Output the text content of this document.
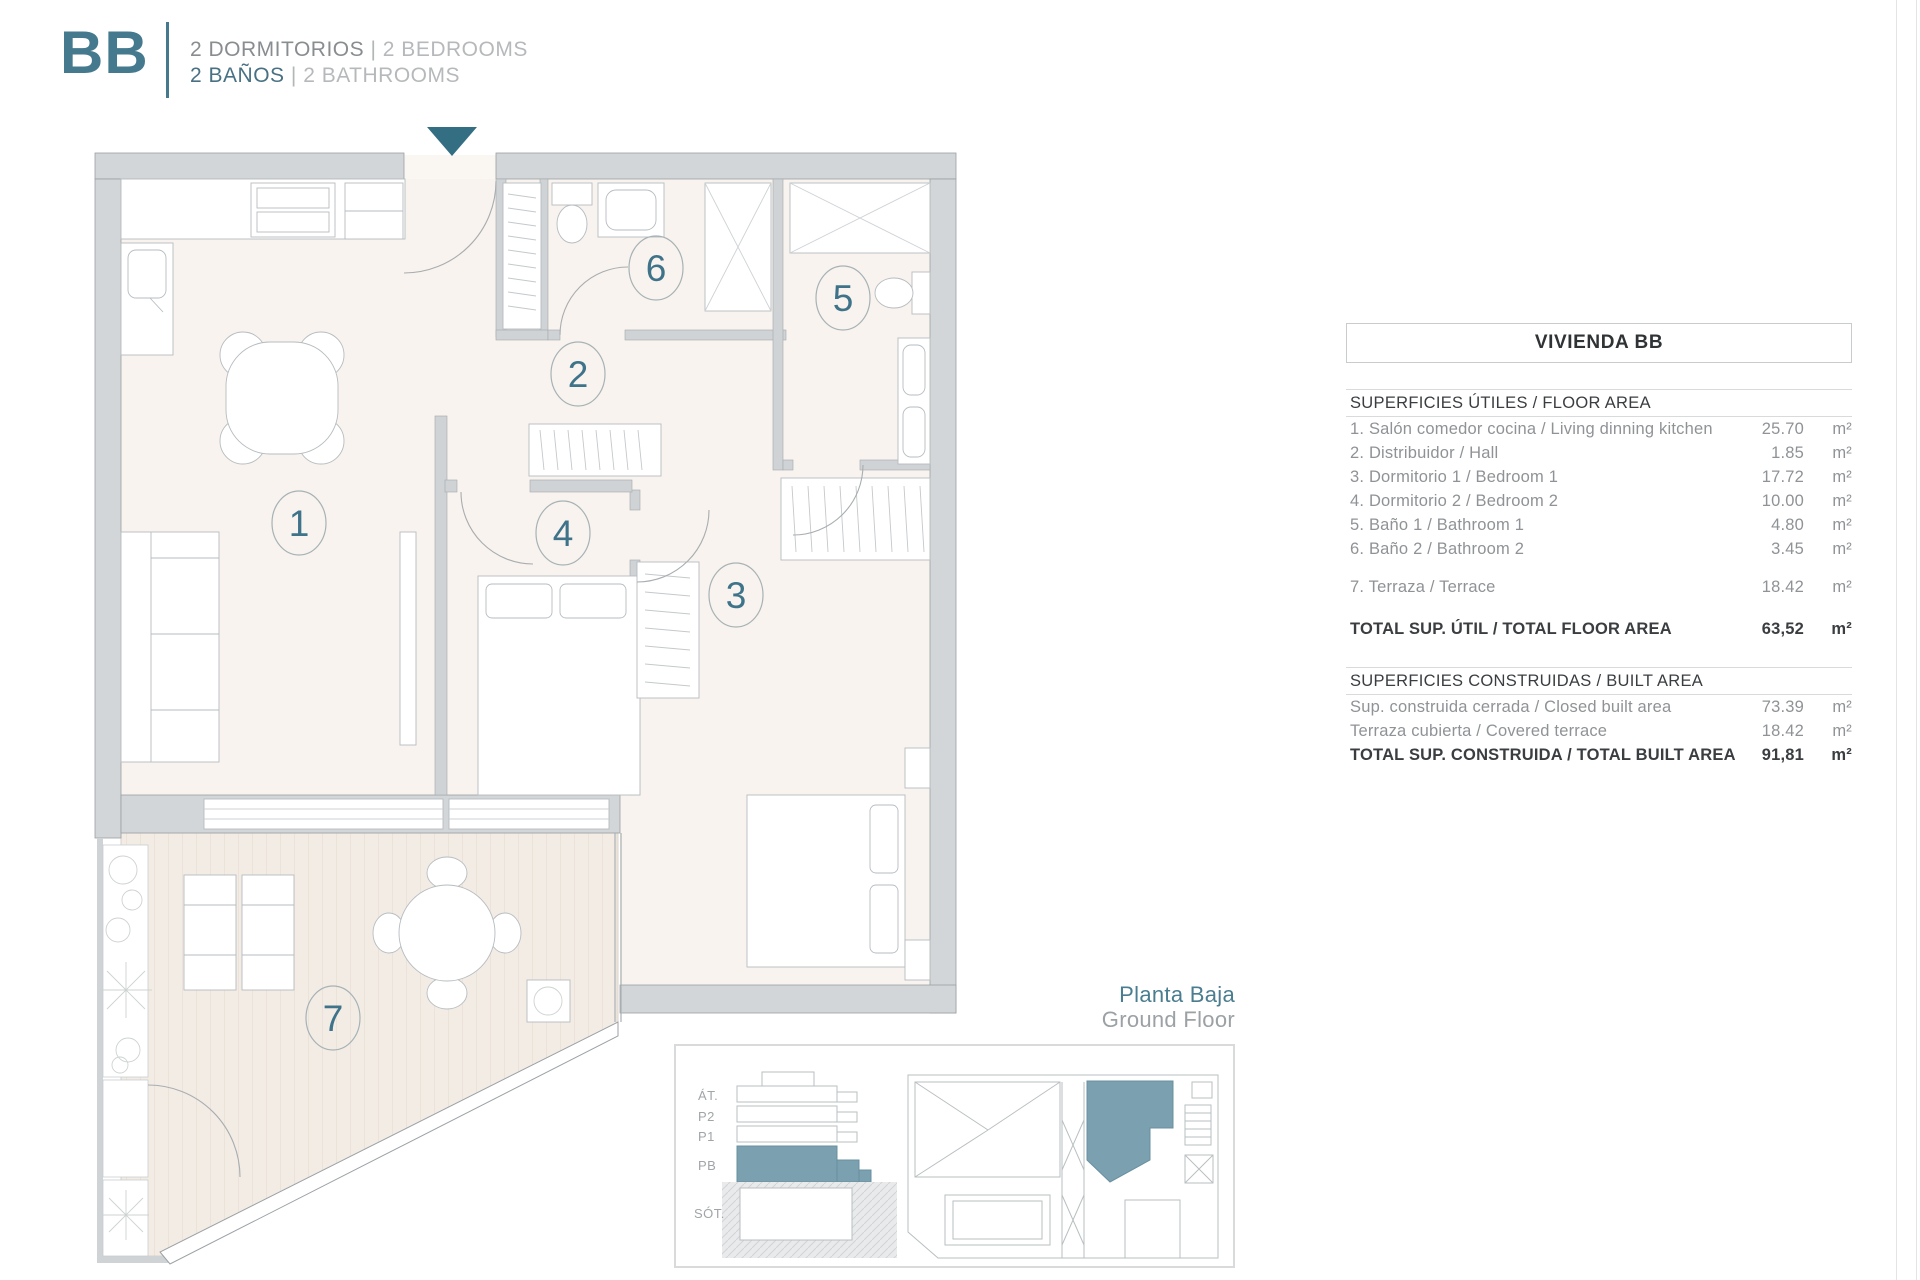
1
2
3
4
5
6
7
ÁT.
P2
P1
PB
SÓT.
BB 2 DORMITORIOS | 2 BEDROOMS
2 BAÑOS | 2 BATHROOMS
VIVIENDA BB
SUPERFICIES ÚTILES / FLOOR AREA
1. Salón comedor cocina / Living dinning kitchen	25.70	m²
2. Distribuidor / Hall	1.85	m²
3. Dormitorio 1 / Bedroom 1	17.72	m²
4. Dormitorio 2 / Bedroom 2	10.00	m²
5. Baño 1 / Bathroom 1	4.80	m²
6. Baño 2 / Bathroom 2	3.45	m²
7. Terraza / Terrace	18.42	m²
TOTAL SUP. ÚTIL / TOTAL FLOOR AREA	63,52	m²
SUPERFICIES CONSTRUIDAS / BUILT AREA
Sup. construida cerrada / Closed built area	73.39	m²
Terraza cubierta / Covered terrace	18.42	m²
TOTAL SUP. CONSTRUIDA / TOTAL BUILT AREA	91,81	m²
Planta Baja
Ground Floor
